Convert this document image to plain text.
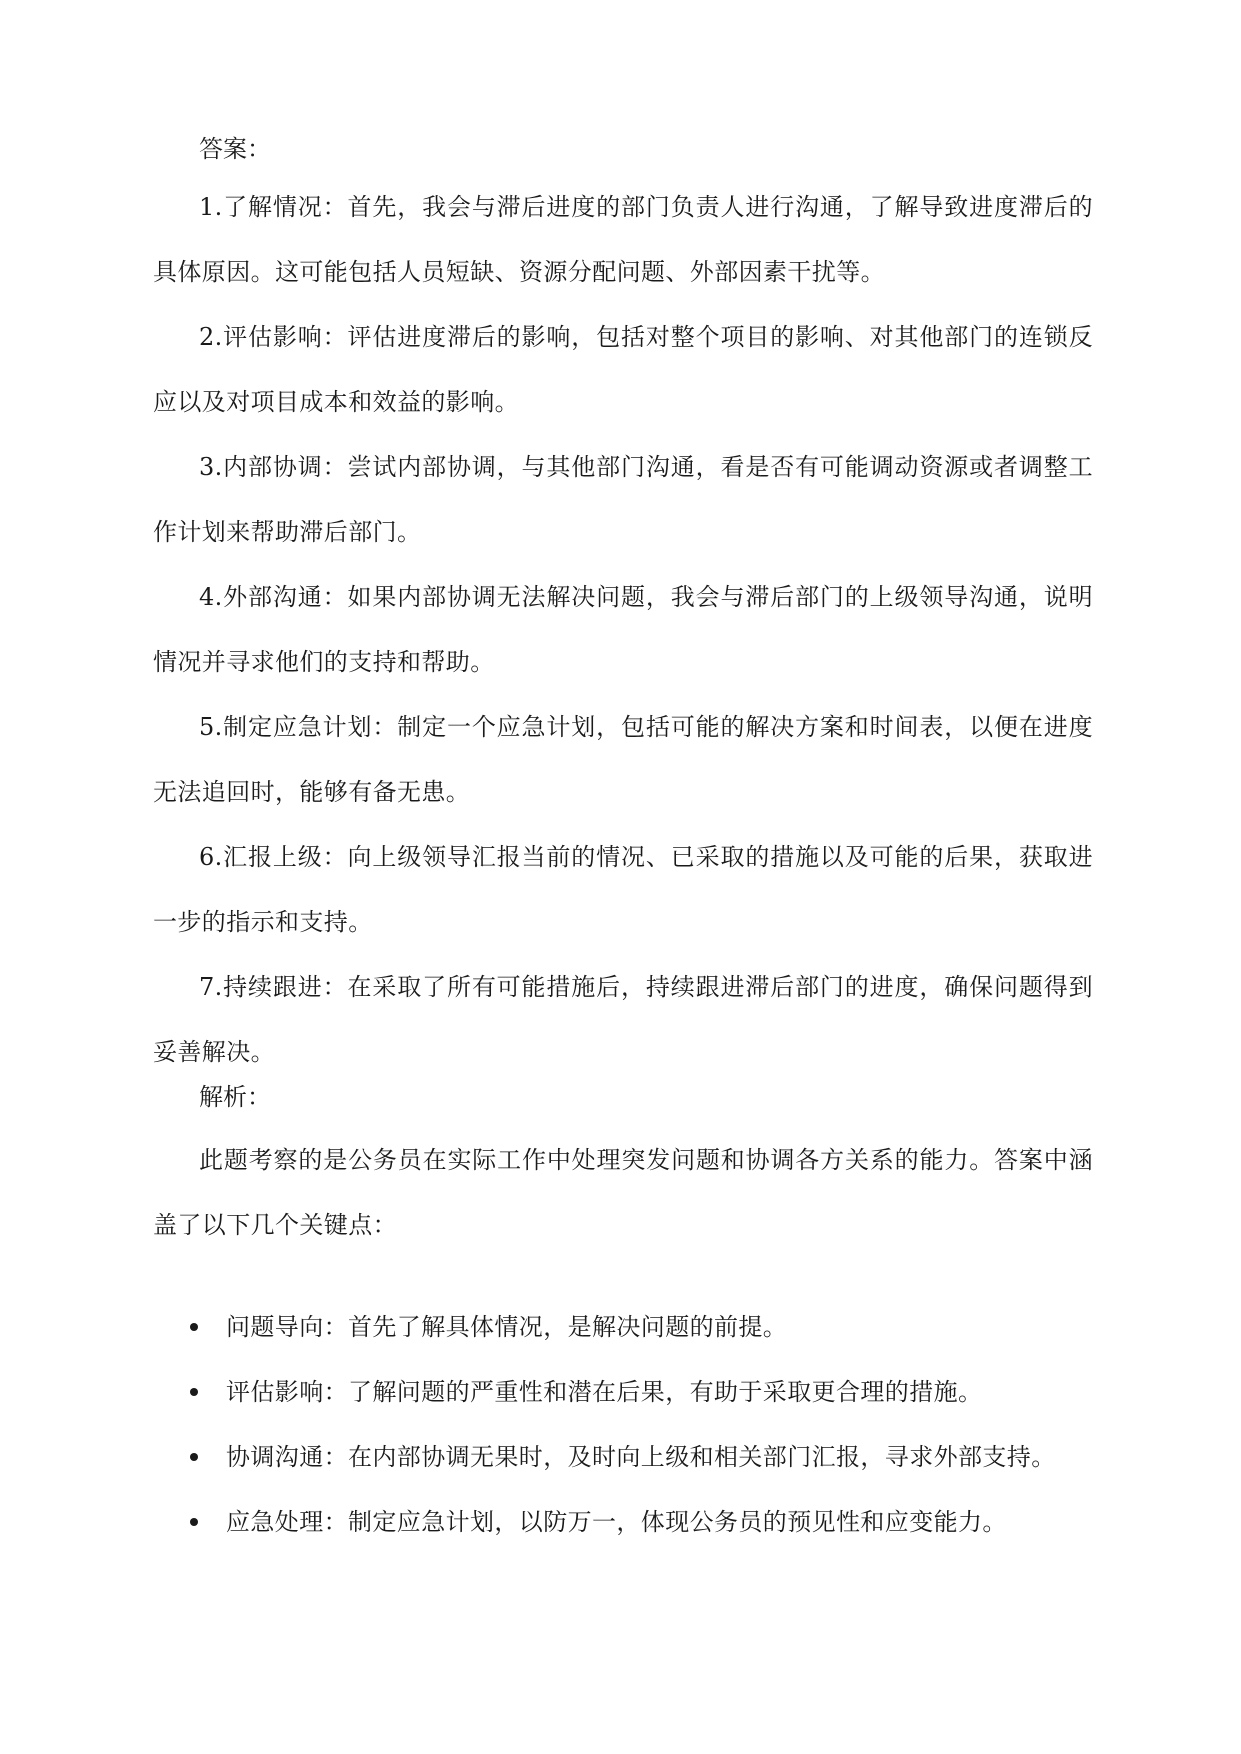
答案：

1.了解情况：首先，我会与滞后进度的部门负责人进行沟通，了解导致进度滞后的具体原因。这可能包括人员短缺、资源分配问题、外部因素干扰等。

2.评估影响：评估进度滞后的影响，包括对整个项目的影响、对其他部门的连锁反应以及对项目成本和效益的影响。

3.内部协调：尝试内部协调，与其他部门沟通，看是否有可能调动资源或者调整工作计划来帮助滞后部门。

4.外部沟通：如果内部协调无法解决问题，我会与滞后部门的上级领导沟通，说明情况并寻求他们的支持和帮助。

5.制定应急计划：制定一个应急计划，包括可能的解决方案和时间表，以便在进度无法追回时，能够有备无患。

6.汇报上级：向上级领导汇报当前的情况、已采取的措施以及可能的后果，获取进一步的指示和支持。

7.持续跟进：在采取了所有可能措施后，持续跟进滞后部门的进度，确保问题得到妥善解决。

解析：

此题考察的是公务员在实际工作中处理突发问题和协调各方关系的能力。答案中涵盖了以下几个关键点：

问题导向：首先了解具体情况，是解决问题的前提。
评估影响：了解问题的严重性和潜在后果，有助于采取更合理的措施。
协调沟通：在内部协调无果时，及时向上级和相关部门汇报，寻求外部支持。
应急处理：制定应急计划，以防万一，体现公务员的预见性和应变能力。
